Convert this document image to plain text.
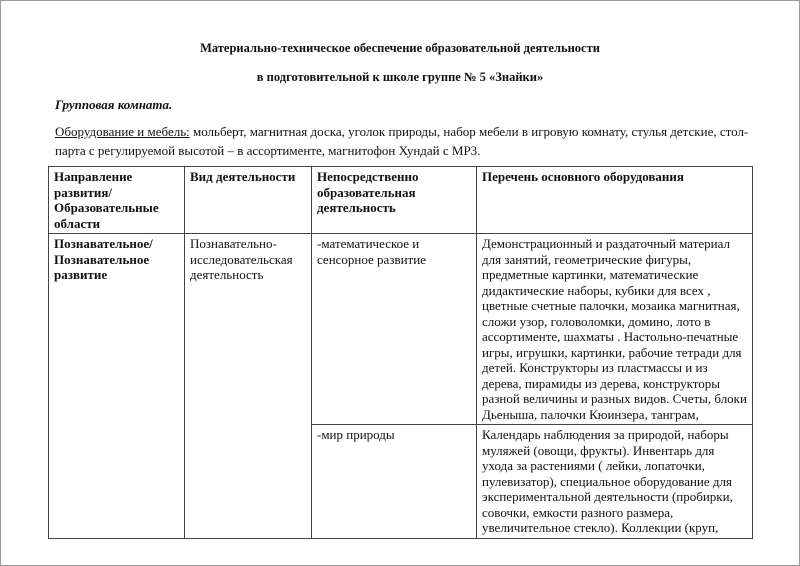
Материально-техническое обеспечение образовательной деятельности
в подготовительной к школе группе № 5 «Знайки»
Групповая комната.
Оборудование и мебель: мольберт, магнитная доска, уголок природы, набор мебели в игровую комнату, стулья детские, стол-парта с регулируемой высотой – в ассортименте, магнитофон Хундай с МР3.
Направление развития/ Образовательные области	Вид деятельности	Непосредственно образовательная деятельность	Перечень основного оборудования
Познавательное/ Познавательное развитие	Познавательно-исследовательская деятельность	-математическое и сенсорное развитие	Демонстрационный и раздаточный материал для занятий, геометрические фигуры, предметные картинки, математические дидактические наборы, кубики для всех , цветные счетные палочки, мозаика магнитная, сложи узор, головоломки, домино, лото в ассортименте, шахматы . Настольно-печатные игры, игрушки, картинки, рабочие тетради для детей. Конструкторы из пластмассы и из дерева, пирамиды из дерева, конструкторы разной величины и разных видов. Счеты, блоки Дьеныша, палочки Кюинзера, танграм,
		-мир природы	Календарь наблюдения за природой, наборы муляжей (овощи, фрукты). Инвентарь для ухода за растениями ( лейки, лопаточки, пулевизатор), специальное оборудование для экспериментальной деятельности (пробирки, совочки, емкости разного размера, увеличительное стекло). Коллекции (круп,
